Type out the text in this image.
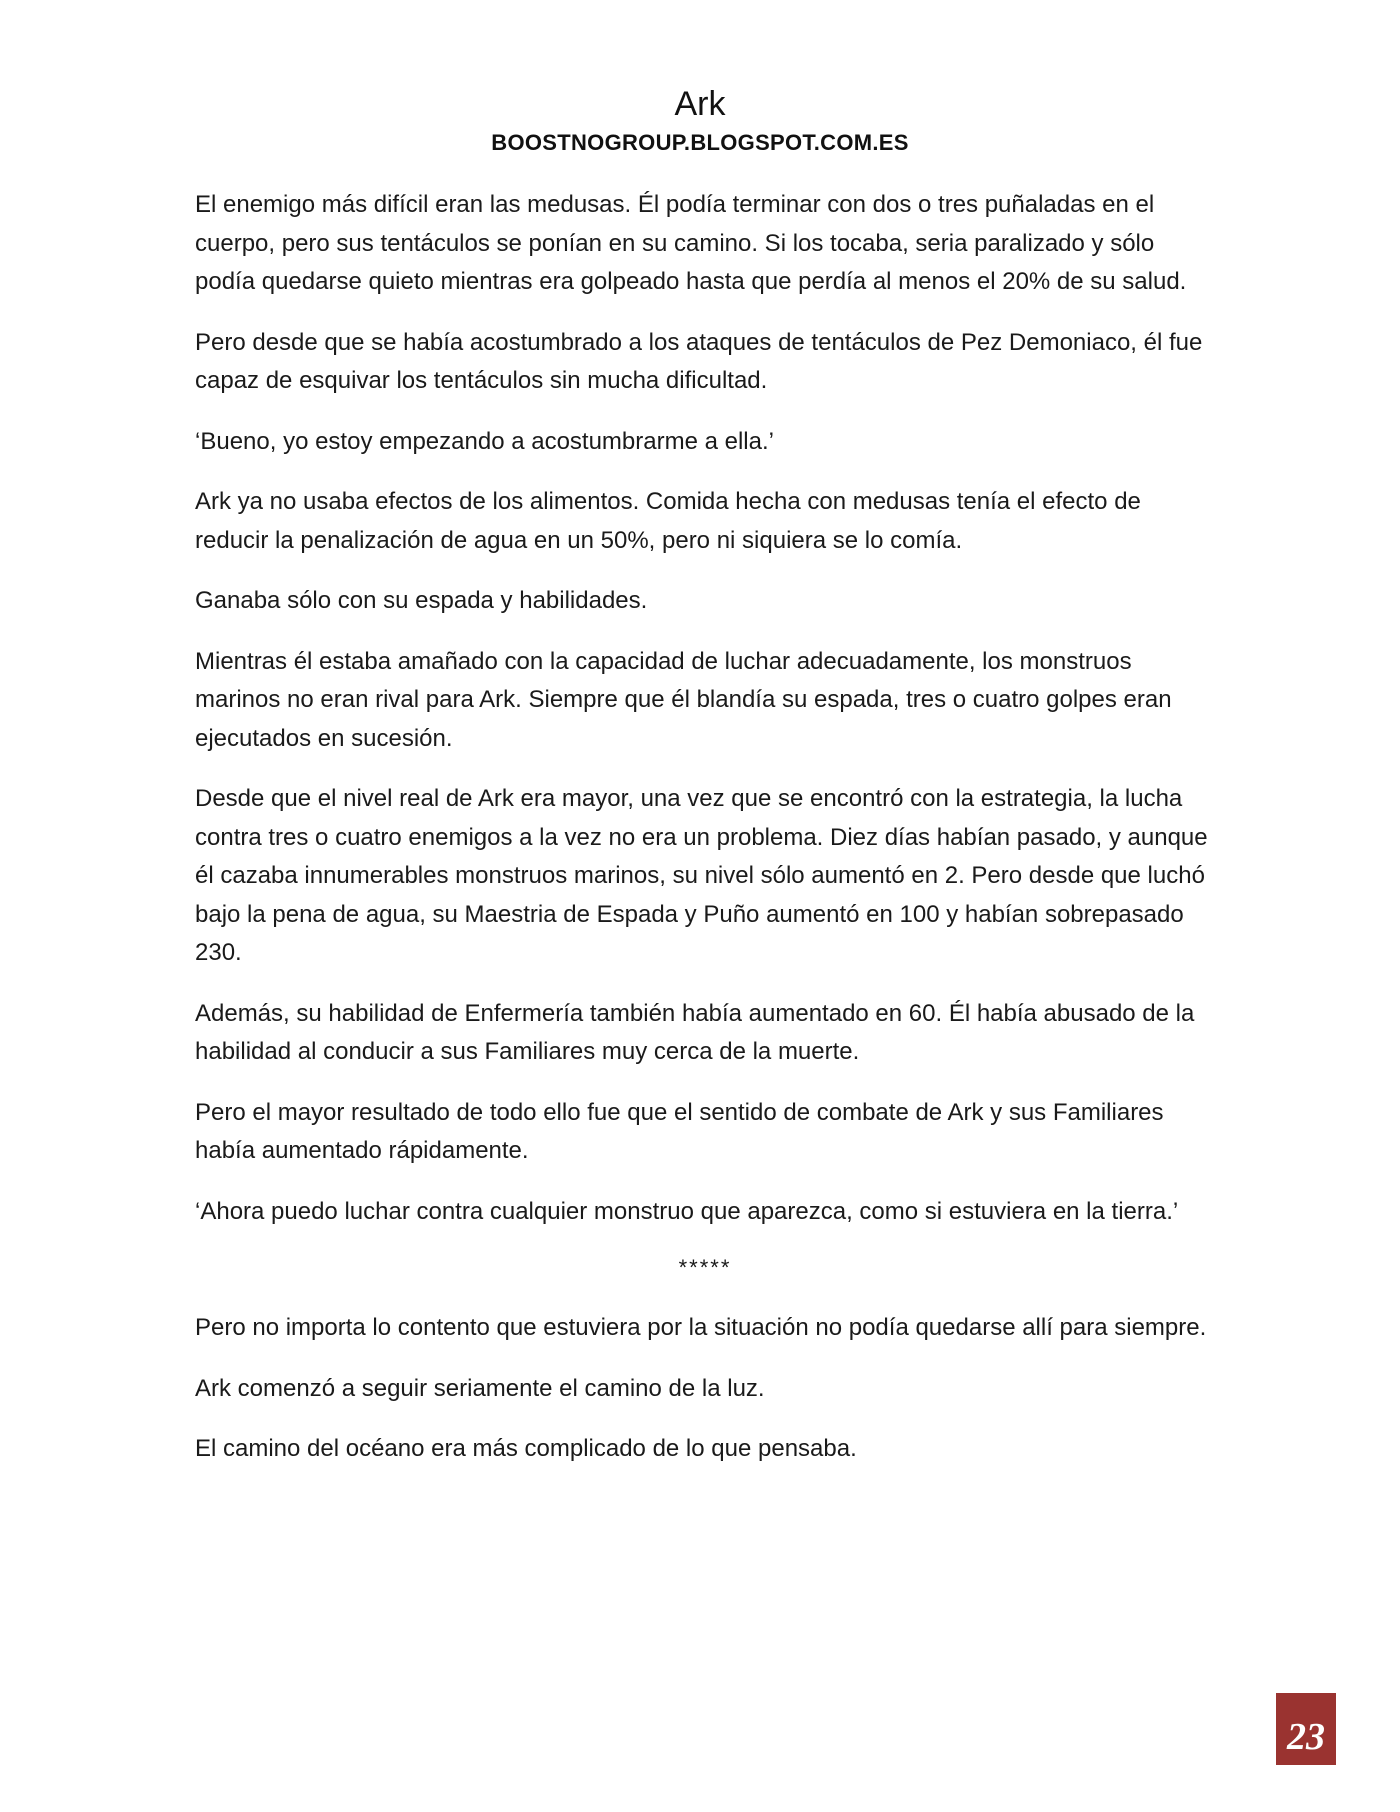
Ark
BOOSTNOGROUP.BLOGSPOT.COM.ES

El enemigo más difícil eran las medusas. Él podía terminar con dos o tres puñaladas en el cuerpo, pero sus tentáculos se ponían en su camino. Si los tocaba, seria paralizado y sólo podía quedarse quieto mientras era golpeado hasta que perdía al menos el 20% de su salud.

Pero desde que se había acostumbrado a los ataques de tentáculos de Pez Demoniaco, él fue capaz de esquivar los tentáculos sin mucha dificultad.

‘Bueno, yo estoy empezando a acostumbrarme a ella.’

Ark ya no usaba efectos de los alimentos. Comida hecha con medusas tenía el efecto de reducir la penalización de agua en un 50%, pero ni siquiera se lo comía.

Ganaba sólo con su espada y habilidades.

Mientras él estaba amañado con la capacidad de luchar adecuadamente, los monstruos marinos no eran rival para Ark. Siempre que él blandía su espada, tres o cuatro golpes eran ejecutados en sucesión.

Desde que el nivel real de Ark era mayor, una vez que se encontró con la estrategia, la lucha contra tres o cuatro enemigos a la vez no era un problema. Diez días habían pasado, y aunque él cazaba innumerables monstruos marinos, su nivel sólo aumentó en 2. Pero desde que luchó bajo la pena de agua, su Maestria de Espada y Puño aumentó en 100 y habían sobrepasado 230.

Además, su habilidad de Enfermería también había aumentado en 60. Él había abusado de la habilidad al conducir a sus Familiares muy cerca de la muerte.

Pero el mayor resultado de todo ello fue que el sentido de combate de Ark y sus Familiares había aumentado rápidamente.

‘Ahora puedo luchar contra cualquier monstruo que aparezca, como si estuviera en la tierra.’

*****

Pero no importa lo contento que estuviera por la situación no podía quedarse allí para siempre.

Ark comenzó a seguir seriamente el camino de la luz.

El camino del océano era más complicado de lo que pensaba.

23
